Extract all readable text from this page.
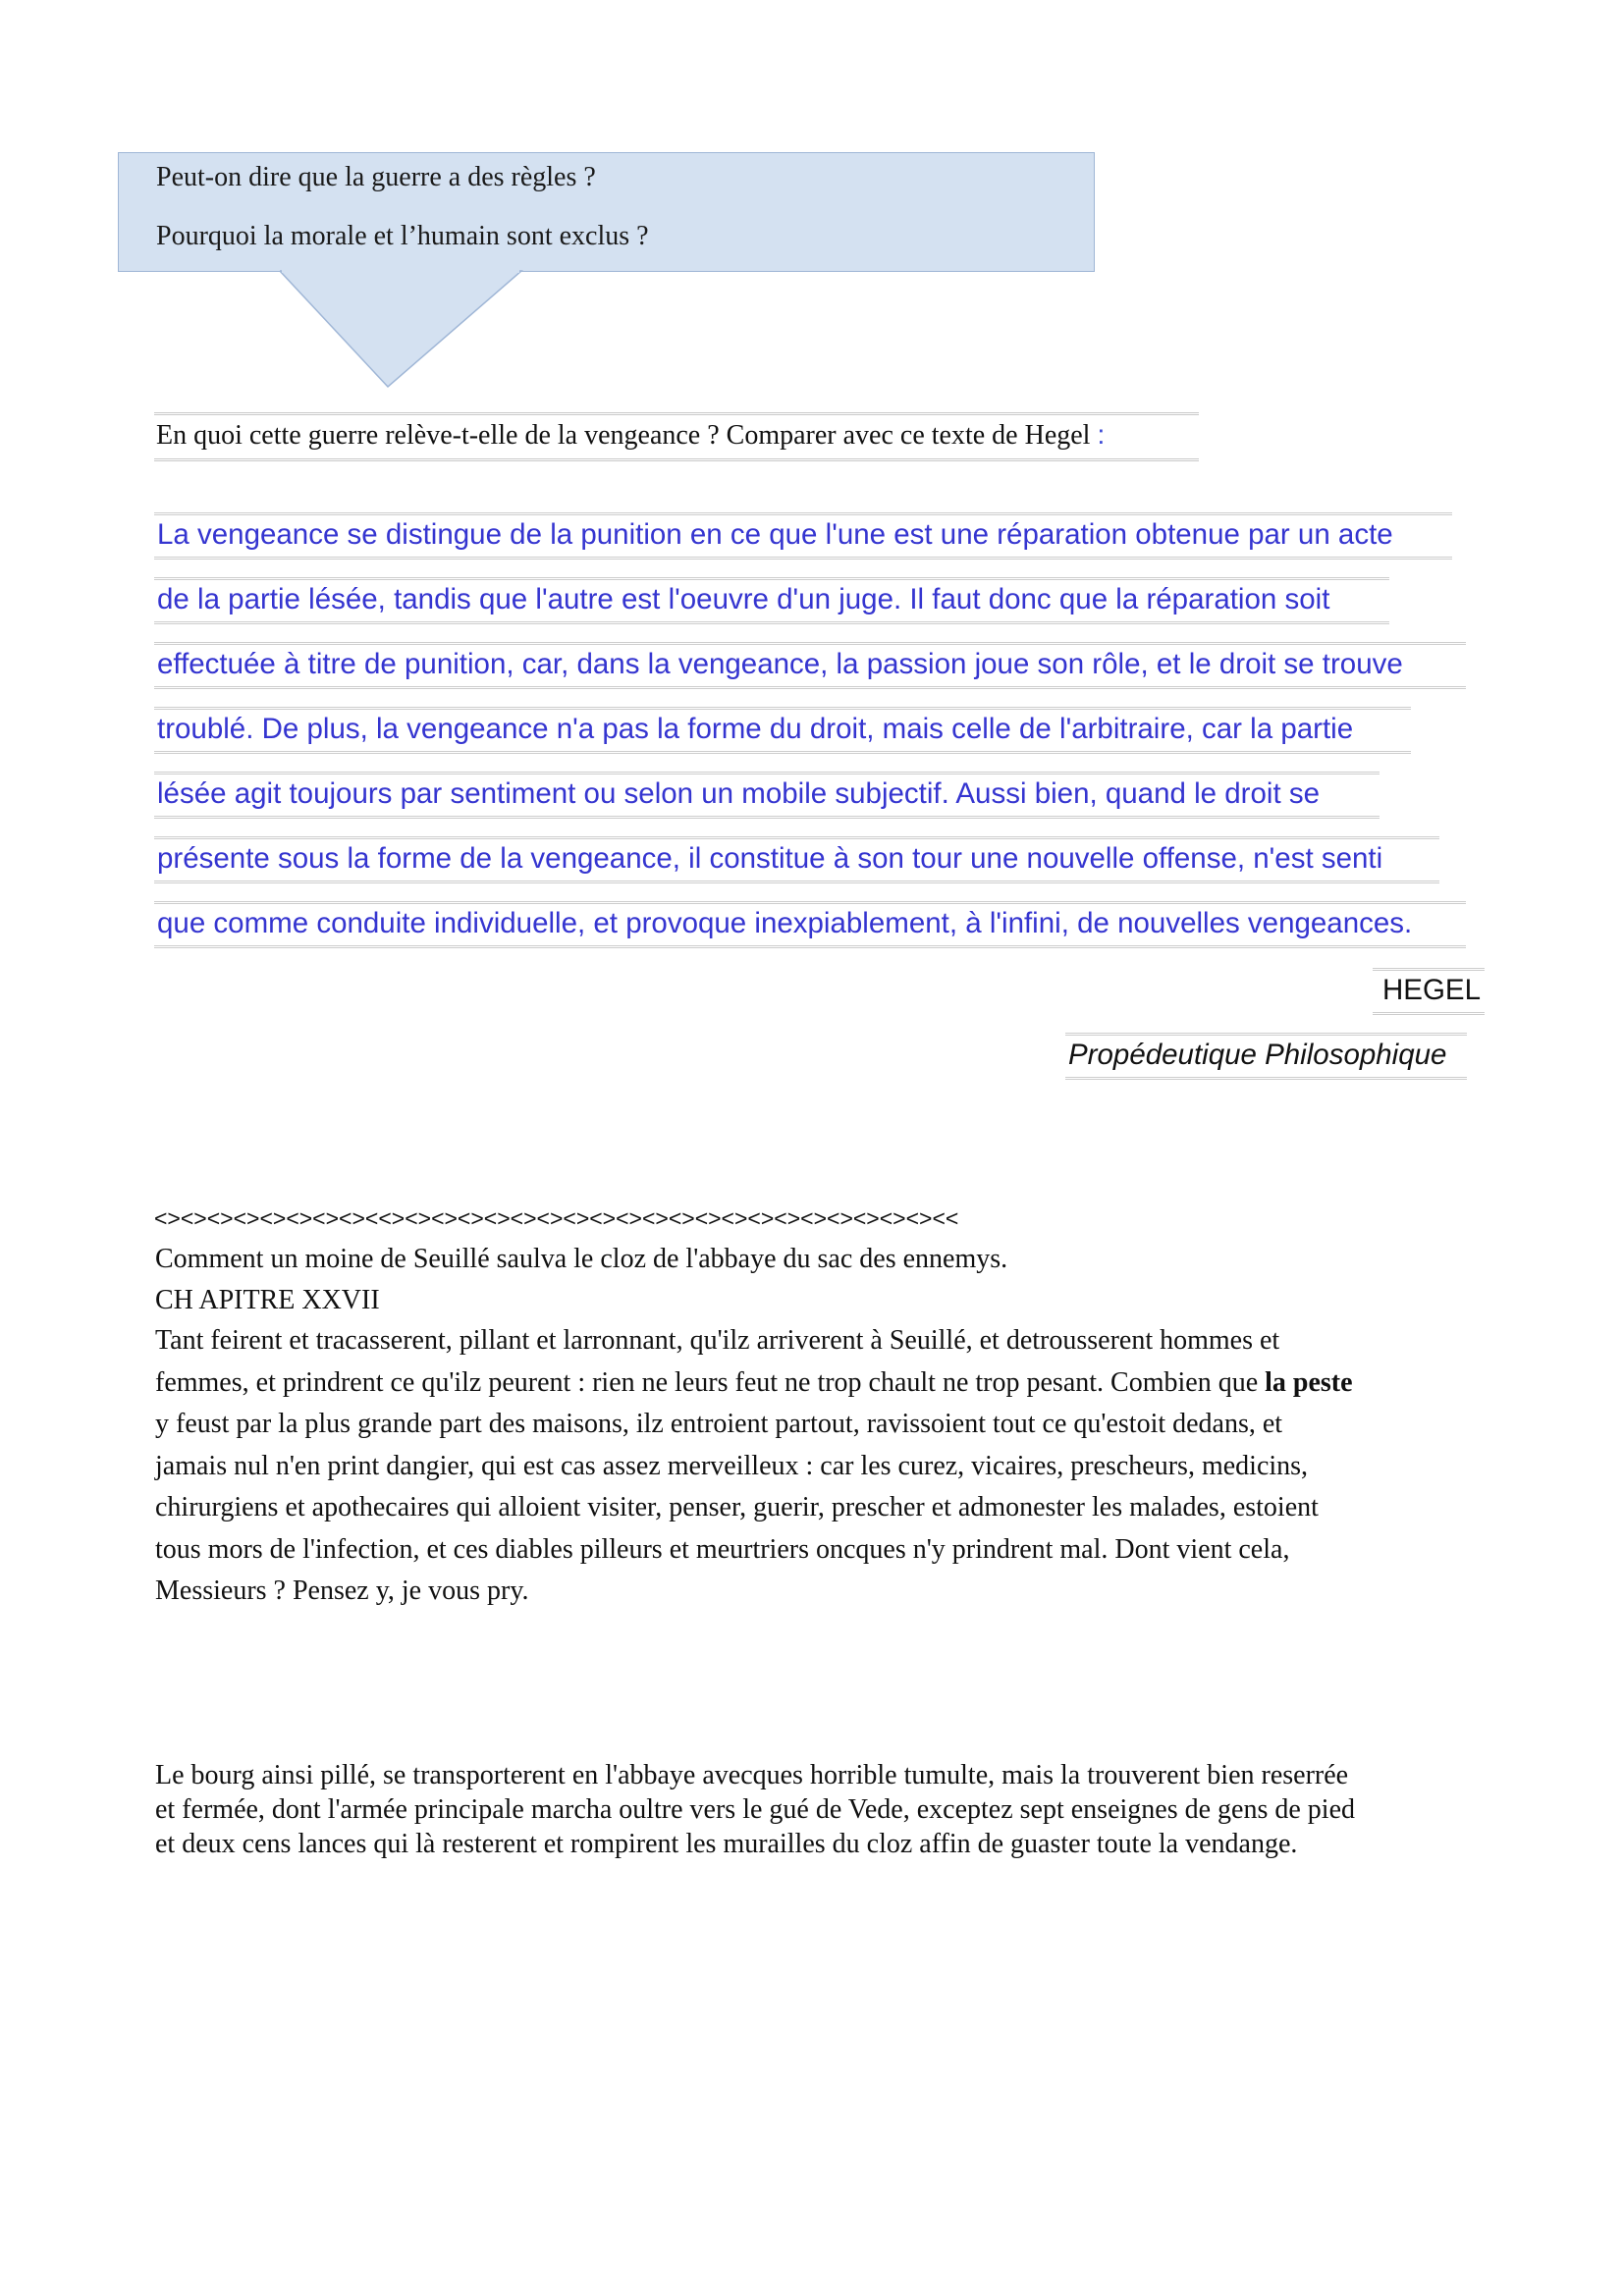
Peut-on dire que la guerre a des règles ?

Pourquoi la morale et l’humain sont exclus ?

En quoi cette guerre relève-t-elle de la vengeance ? Comparer avec ce texte de Hegel :
La vengeance se distingue de la punition en ce que l'une est une réparation obtenue par un acte
de la partie lésée, tandis que l'autre est l'oeuvre d'un juge. Il faut donc que la réparation soit
effectuée à titre de punition, car, dans la vengeance, la passion joue son rôle, et le droit se trouve
troublé. De plus, la vengeance n'a pas la forme du droit, mais celle de l'arbitraire, car la partie
lésée agit toujours par sentiment ou selon un mobile subjectif. Aussi bien, quand le droit se
présente sous la forme de la vengeance, il constitue à son tour une nouvelle offense, n'est senti
que comme conduite individuelle, et provoque inexpiablement, à l'infini, de nouvelles vengeances.
HEGEL
Propédeutique Philosophique
<><><><><><><><><<><><><><><><><><><><><><><><><><><><><><><<
Comment un moine de Seuillé saulva le cloz de l'abbaye du sac des ennemys.
CH APITRE XXVII
Tant feirent et tracasserent, pillant et larronnant, qu'ilz arriverent à Seuillé, et detrousserent hommes et
femmes, et prindrent ce qu'ilz peurent : rien ne leurs feut ne trop chault ne trop pesant. Combien que la peste
y feust par la plus grande part des maisons, ilz entroient partout, ravissoient tout ce qu'estoit dedans, et
jamais nul n'en print dangier, qui est cas assez merveilleux : car les curez, vicaires, prescheurs, medicins,
chirurgiens et apothecaires qui alloient visiter, penser, guerir, prescher et admonester les malades, estoient
tous mors de l'infection, et ces diables pilleurs et meurtriers oncques n'y prindrent mal. Dont vient cela,
Messieurs ? Pensez y, je vous pry.
Le bourg ainsi pillé, se transporterent en l'abbaye avecques horrible tumulte, mais la trouverent bien reserrée
et fermée, dont l'armée principale marcha oultre vers le gué de Vede, exceptez sept enseignes de gens de pied
et deux cens lances qui là resterent et rompirent les murailles du cloz affin de guaster toute la vendange.
